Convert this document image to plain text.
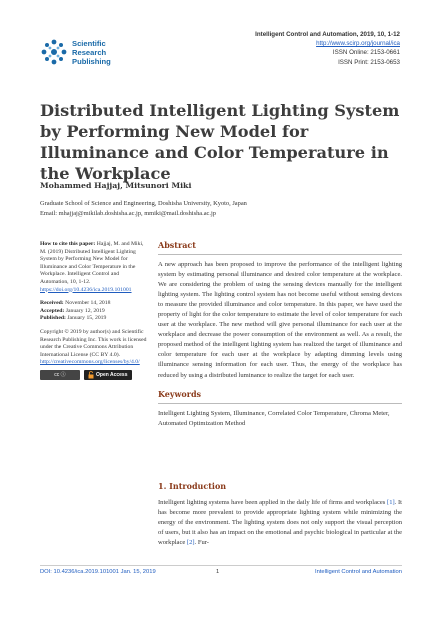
Scientific
Research
Publishing
Intelligent Control and Automation, 2019, 10, 1-12
http://www.scirp.org/journal/ica
ISSN Online: 2153-0661
ISSN Print: 2153-0653
Distributed Intelligent Lighting System by Performing New Model for Illuminance and Color Temperature in the Workplace
Mohammed Hajjaj, Mitsunori Miki
Graduate School of Science and Engineering, Doshisha University, Kyoto, Japan
Email: mhajjaj@mikilab.doshisha.ac.jp, mmiki@mail.doshisha.ac.jp
How to cite this paper: Hajjaj, M. and Miki, M. (2019) Distributed Intelligent Lighting System by Performing New Model for Illuminance and Color Temperature in the Workplace. Intelligent Control and Automation, 10, 1-12.
https://doi.org/10.4236/ica.2019.101001
Received: November 14, 2018
Accepted: January 12, 2019
Published: January 15, 2019
Copyright © 2019 by author(s) and Scientific Research Publishing Inc. This work is licensed under the Creative Commons Attribution International License (CC BY 4.0).
http://creativecommons.org/licenses/by/4.0/
cc ⓘ	Open Access
Abstract
A new approach has been proposed to improve the performance of the intelligent lighting system by estimating personal illuminance and desired color temperature at the workplace. We are considering the problem of using the sensing devices manually for the intelligent lighting system. The lighting control system has not become useful without sensing devices to measure the provided illuminance and color temperature. In this paper, we have used the property of light for the color temperature to estimate the level of color temperature for each user at the workplace. The new method will give personal illuminance for each user at the workplace and decrease the power consumption of the environment as well. As a result, the proposed method of the intelligent lighting system has realized the target of illuminance and color temperature for each user at the workplace by adapting dimming levels using illuminance sensing information for each user. Thus, the energy of the workplace has reduced by using a distributed luminance to realize the target for each user.
Keywords
Intelligent Lighting System, Illuminance, Correlated Color Temperature, Chroma Meter, Automated Optimization Method
1. Introduction
Intelligent lighting systems have been applied in the daily life of firms and workplaces [1]. It has become more prevalent to provide appropriate lighting system while minimizing the energy of the environment. The lighting system does not only support the visual perception of users, but it also has an impact on the emotional and psychic biological in particular at the workplace [2]. Fur-
DOI: 10.4236/ica.2019.101001 Jan. 15, 2019	1	Intelligent Control and Automation
